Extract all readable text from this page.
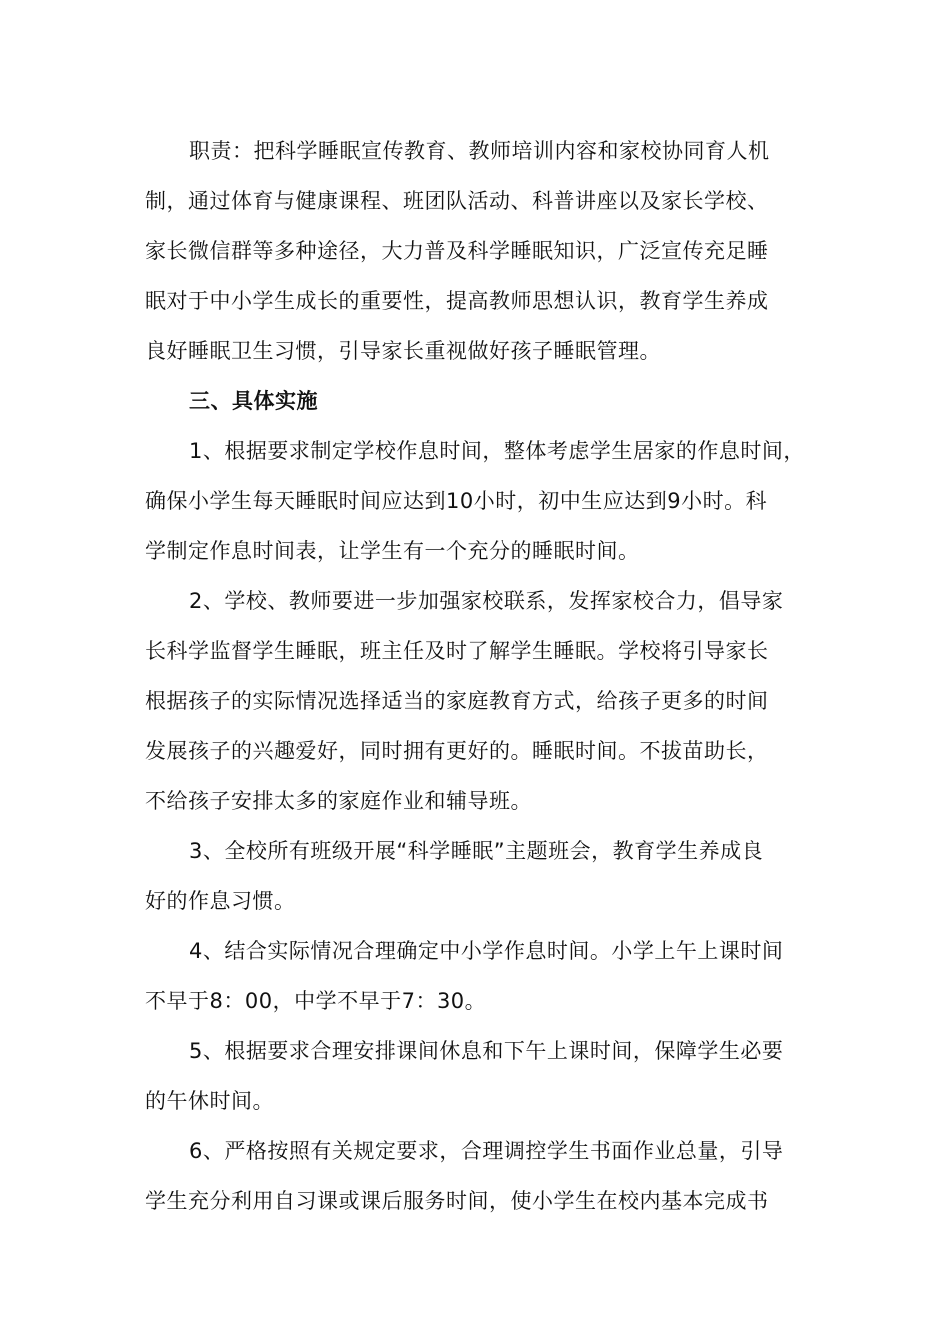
职责：把科学睡眠宣传教育、教师培训内容和家校协同育人机
制，通过体育与健康课程、班团队活动、科普讲座以及家长学校、
家长微信群等多种途径，大力普及科学睡眠知识，广泛宣传充足睡
眠对于中小学生成长的重要性，提高教师思想认识，教育学生养成
良好睡眠卫生习惯，引导家长重视做好孩子睡眠管理。
三、具体实施
1、根据要求制定学校作息时间，整体考虑学生居家的作息时间，
确保小学生每天睡眠时间应达到10小时，初中生应达到9小时。科
学制定作息时间表，让学生有一个充分的睡眠时间。
2、学校、教师要进一步加强家校联系，发挥家校合力，倡导家
长科学监督学生睡眠，班主任及时了解学生睡眠。学校将引导家长
根据孩子的实际情况选择适当的家庭教育方式，给孩子更多的时间
发展孩子的兴趣爱好，同时拥有更好的。睡眠时间。不拔苗助长，
不给孩子安排太多的家庭作业和辅导班。
3、全校所有班级开展“科学睡眠”主题班会，教育学生养成良
好的作息习惯。
4、结合实际情况合理确定中小学作息时间。小学上午上课时间
不早于8：00，中学不早于7：30。
5、根据要求合理安排课间休息和下午上课时间，保障学生必要
的午休时间。
6、严格按照有关规定要求，合理调控学生书面作业总量，引导
学生充分利用自习课或课后服务时间，使小学生在校内基本完成书
